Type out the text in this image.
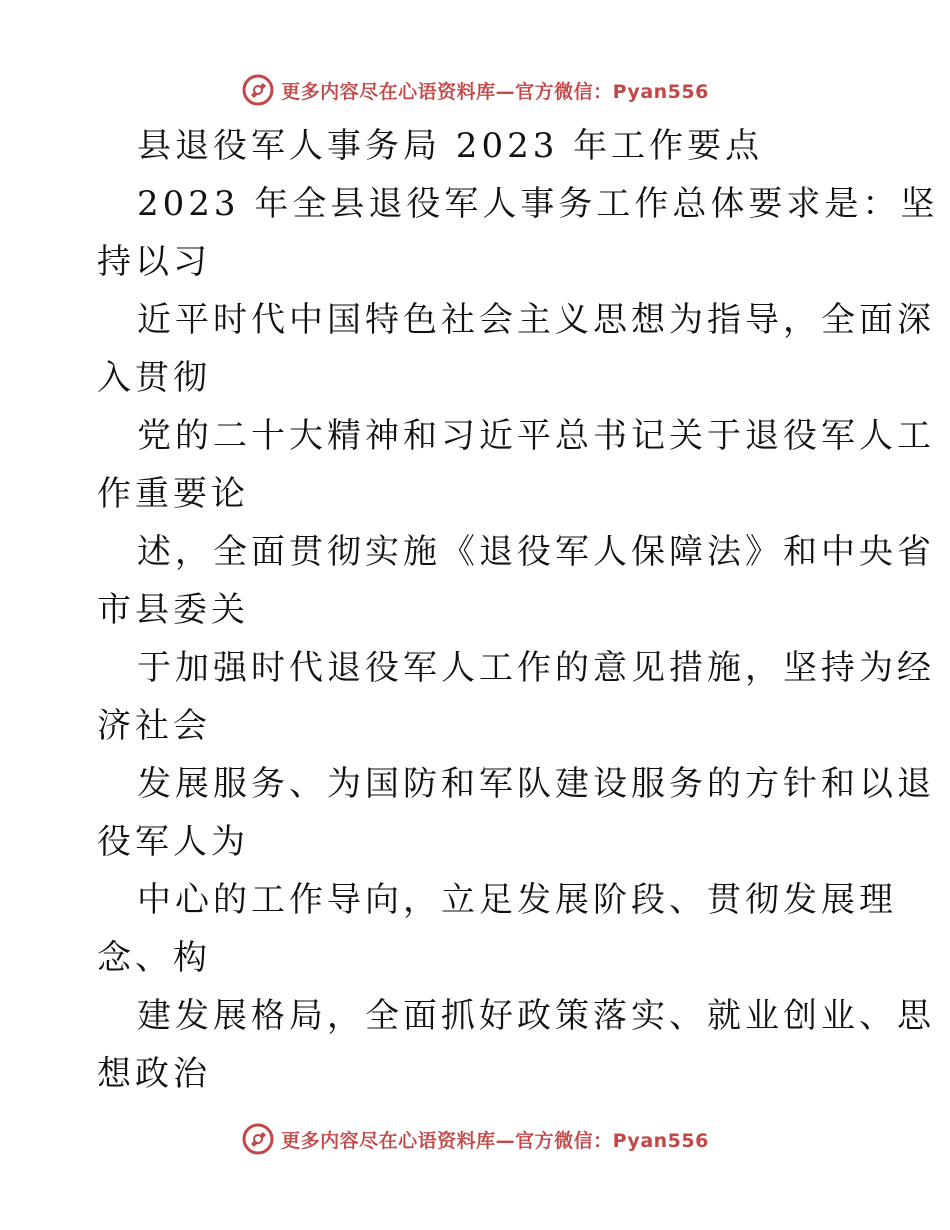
更多内容尽在心语资料库—官方微信：Pyan556
县退役军人事务局 2023 年工作要点
2023 年全县退役军人事务工作总体要求是：坚
持以习
近平时代中国特色社会主义思想为指导，全面深
入贯彻
党的二十大精神和习近平总书记关于退役军人工
作重要论
述，全面贯彻实施《退役军人保障法》和中央省
市县委关
于加强时代退役军人工作的意见措施，坚持为经
济社会
发展服务、为国防和军队建设服务的方针和以退
役军人为
中心的工作导向，立足发展阶段、贯彻发展理
念、构
建发展格局，全面抓好政策落实、就业创业、思
想政治
更多内容尽在心语资料库—官方微信：Pyan556
